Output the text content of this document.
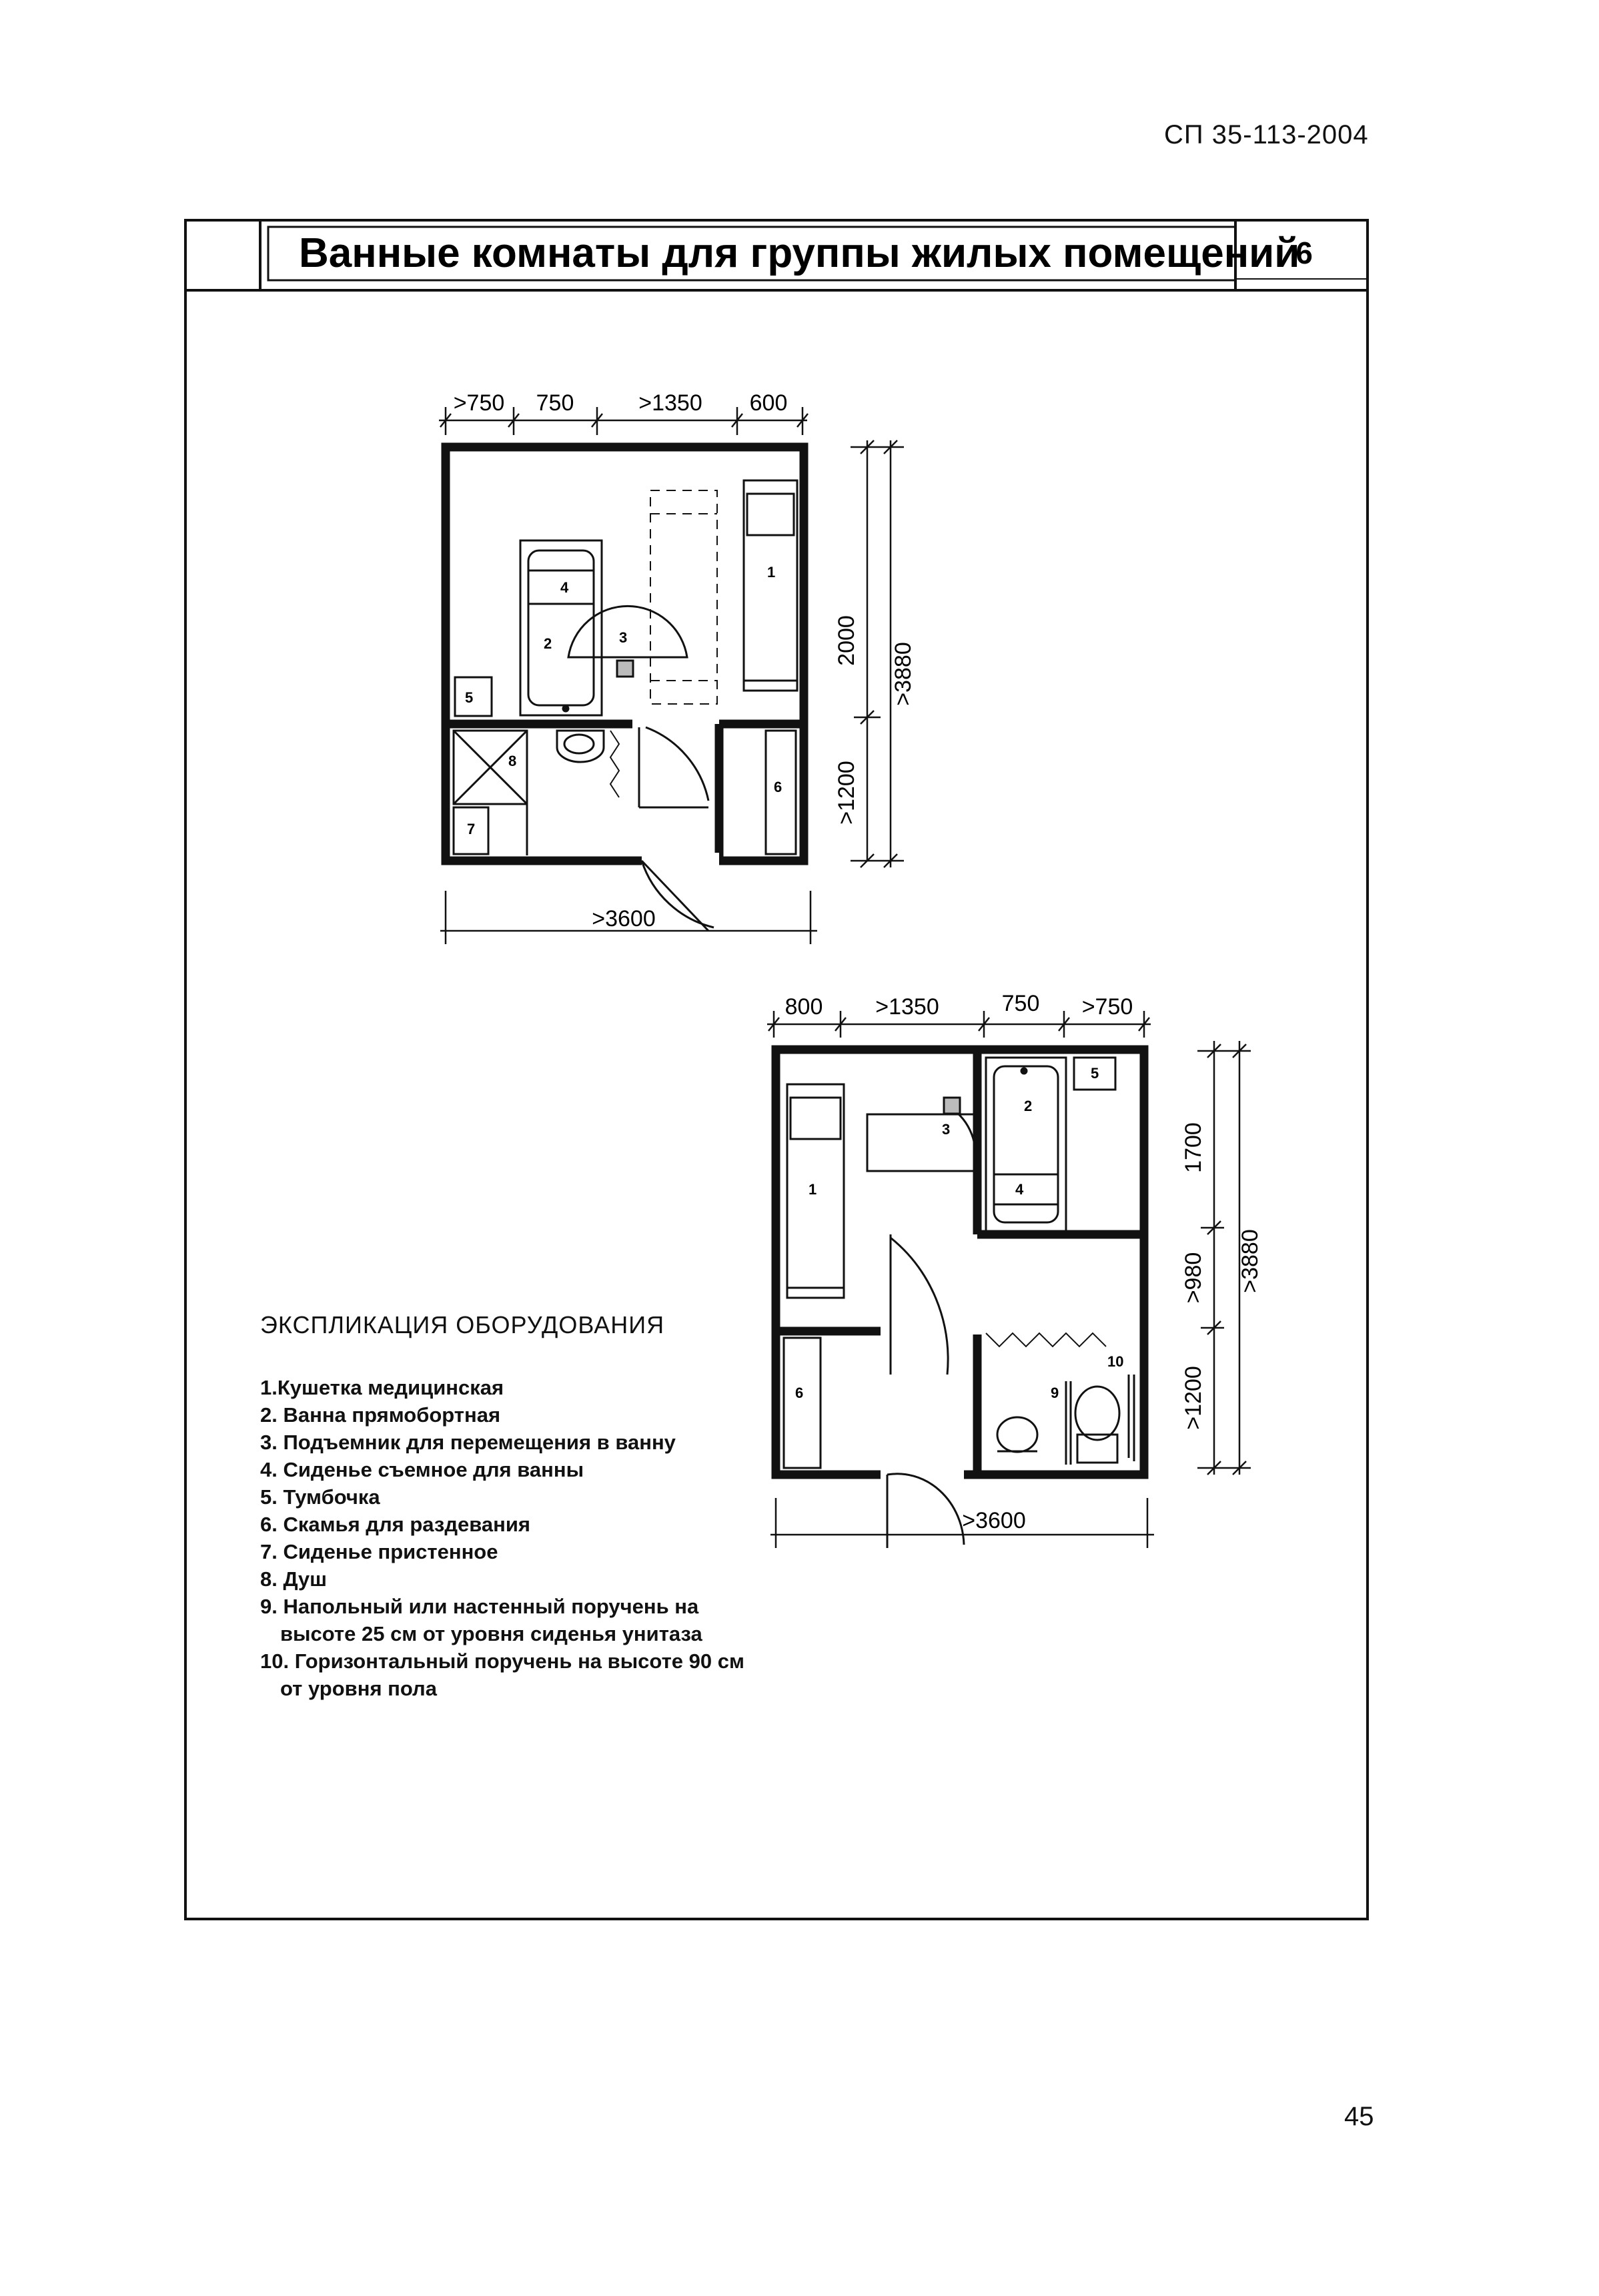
СП 35-113-2004
Ванные комнаты для группы жилых помещений
6
>750 750	>1350 600
1
4
2	3
5
8
7
6
2000
>1200
>3880
>3600
800 >1350	750 >750
1
3
2
4
5
6	9
10
1700
>980
>1200
>3880
>3600
ЭКСПЛИКАЦИЯ ОБОРУДОВАНИЯ
1.Кушетка медицинская
2. Ванна прямобортная
3. Подъемник для перемещения в ванну
4. Сиденье съемное для ванны
5. Тумбочка
6. Скамья для раздевания
7. Сиденье пристенное
8. Душ
9. Напольный или настенный поручень на
высоте 25 см от уровня сиденья унитаза
10. Горизонтальный поручень на высоте 90 см
от уровня пола
45
